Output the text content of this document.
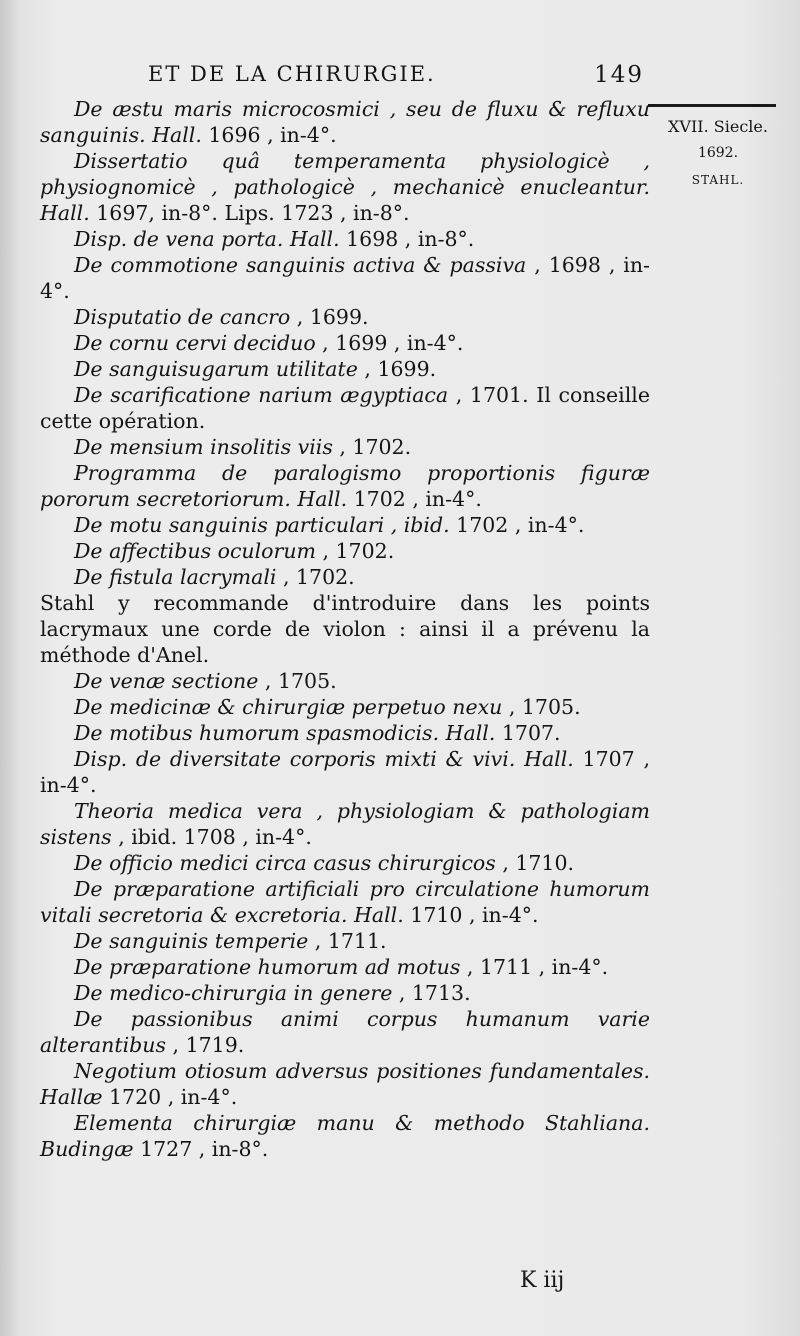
ET DE LA CHIRURGIE.	149
XVII. Siecle.
1692.
STAHL.

De æstu maris microcosmici , seu de fluxu & refluxu sanguinis. Hall. 1696 , in-4°.

Dissertatio quâ temperamenta physiologicè , physiognomicè , pathologicè , mechanicè enucleantur. Hall. 1697, in-8°. Lips. 1723 , in-8°.

Disp. de vena porta. Hall. 1698 , in-8°.

De commotione sanguinis activa & passiva , 1698 , in-4°.

Disputatio de cancro , 1699.

De cornu cervi deciduo , 1699 , in-4°.

De sanguisugarum utilitate , 1699.

De scarificatione narium ægyptiaca , 1701. Il conseille cette opération.

De mensium insolitis viis , 1702.

Programma de paralogismo proportionis figuræ pororum secretoriorum. Hall. 1702 , in-4°.

De motu sanguinis particulari , ibid. 1702 , in-4°.

De affectibus oculorum , 1702.

De fistula lacrymali , 1702.

Stahl y recommande d'introduire dans les points lacrymaux une corde de violon : ainsi il a prévenu la méthode d'Anel.

De venæ sectione , 1705.

De medicinæ & chirurgiæ perpetuo nexu , 1705.

De motibus humorum spasmodicis. Hall. 1707.

Disp. de diversitate corporis mixti & vivi. Hall. 1707 , in-4°.

Theoria medica vera , physiologiam & pathologiam sistens , ibid. 1708 , in-4°.

De officio medici circa casus chirurgicos , 1710.

De præparatione artificiali pro circulatione humorum vitali secretoria & excretoria. Hall. 1710 , in-4°.

De sanguinis temperie , 1711.

De præparatione humorum ad motus , 1711 , in-4°.

De medico-chirurgia in genere , 1713.

De passionibus animi corpus humanum varie alterantibus , 1719.

Negotium otiosum adversus positiones fundamentales. Hallæ 1720 , in-4°.

Elementa chirurgiæ manu & methodo Stahliana. Budingæ 1727 , in-8°.

K iij
